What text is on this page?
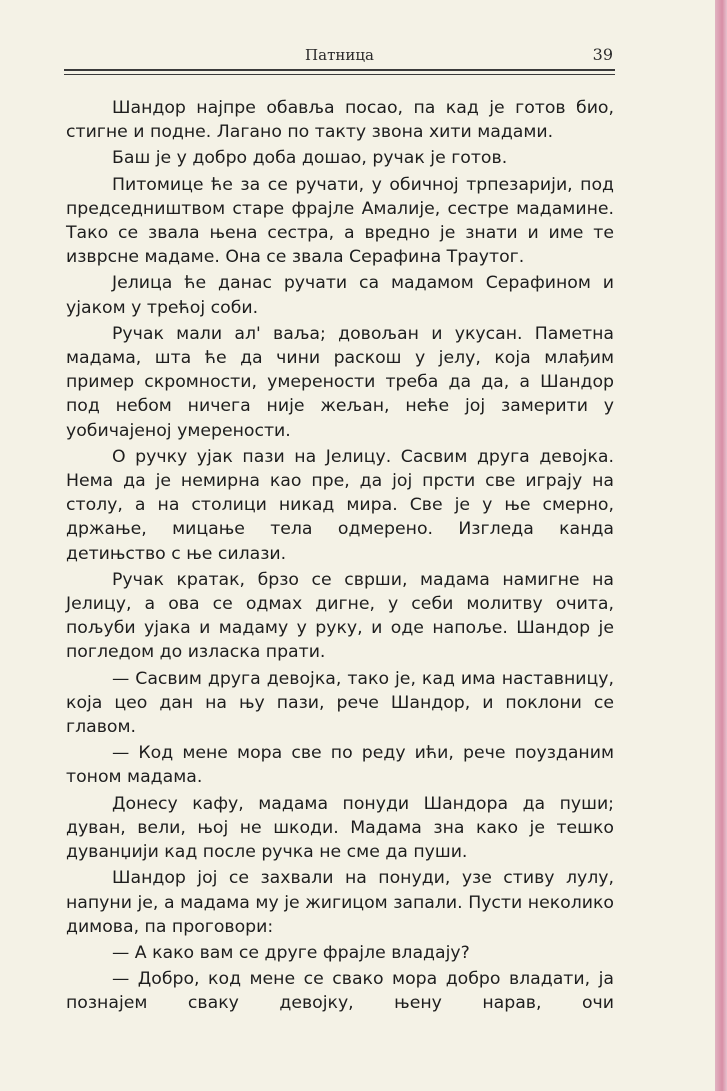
Патница	39

Шандор најпре обавља посао, па кад је готов био, стигне и подне. Лагано по такту звона хити мадами.

Баш је у добро доба дошао, ручак је готов.

Питомице ће за се ручати, у обичној трпезарији, под председништвом старе фрајле Амалије, сестре мадамине. Тако се звала њена сестра, а вредно је знати и име те изврсне мадаме. Она се звала Серафина Траутог.

Јелица ће данас ручати са мадамом Серафином и ујаком у трећој соби.

Ручак мали ал' ваља; довољан и укусан. Паметна мадама, шта ће да чини раскош у јелу, која млађим пример скромности, умерености треба да да, а Шандор под небом ничега није жељан, неће јој замерити у уобичајеној умерености.

О ручку ујак пази на Јелицу. Сасвим друга девојка. Нема да је немирна као пре, да јој прсти све играју на столу, а на столици никад мира. Све је у ње смерно, држање, мицање тела одмерено. Изгледа канда детињство с ње силази.

Ручак кратак, брзо се сврши, мадама намигне на Јелицу, а ова се одмах дигне, у себи молитву очита, пољуби ујака и мадаму у руку, и оде напоље. Шандор је погледом до изласка прати.

— Сасвим друга девојка, тако је, кад има наставницу, која цео дан на њу пази, рече Шандор, и поклони се главом.

— Код мене мора све по реду ићи, рече поузданим тоном мадама.

Донесу кафу, мадама понуди Шандора да пуши; дуван, вели, њој не шкоди. Мадама зна како је тешко дуванџији кад после ручка не сме да пуши.

Шандор јој се захвали на понуди, узе стиву лулу, напуни је, а мадама му је жигицом запали. Пусти неколико димова, па проговори:

— А како вам се друге фрајле владају?

— Добро, код мене се свако мора добро владати, ја познајем сваку девојку, њену нарав, очи
